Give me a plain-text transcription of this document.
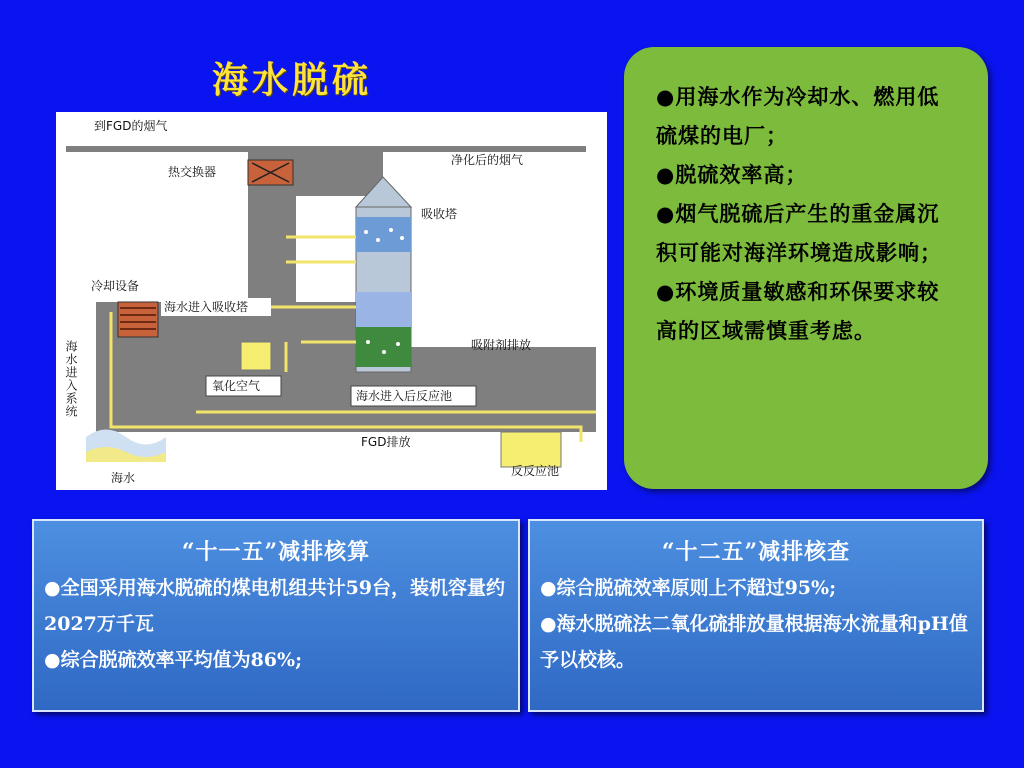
海水脱硫
到FGD的烟气
热交换器
净化后的烟气
吸收塔
冷却设备
海水进入吸收塔
海水进入系统	吸附剂排放
氧化空气
海水进入后反应池
FGD排放
海水	反反应池

●用海水作为冷却水、燃用低硫煤的电厂；

●脱硫效率高；

●烟气脱硫后产生的重金属沉积可能对海洋环境造成影响；

●环境质量敏感和环保要求较高的区域需慎重考虑。

“十一五”减排核算

●全国采用海水脱硫的煤电机组共计59台，装机容量约2027万千瓦

●综合脱硫效率平均值为86%;

“十二五”减排核查

●综合脱硫效率原则上不超过95%;

●海水脱硫法二氧化硫排放量根据海水流量和pH值予以校核。
